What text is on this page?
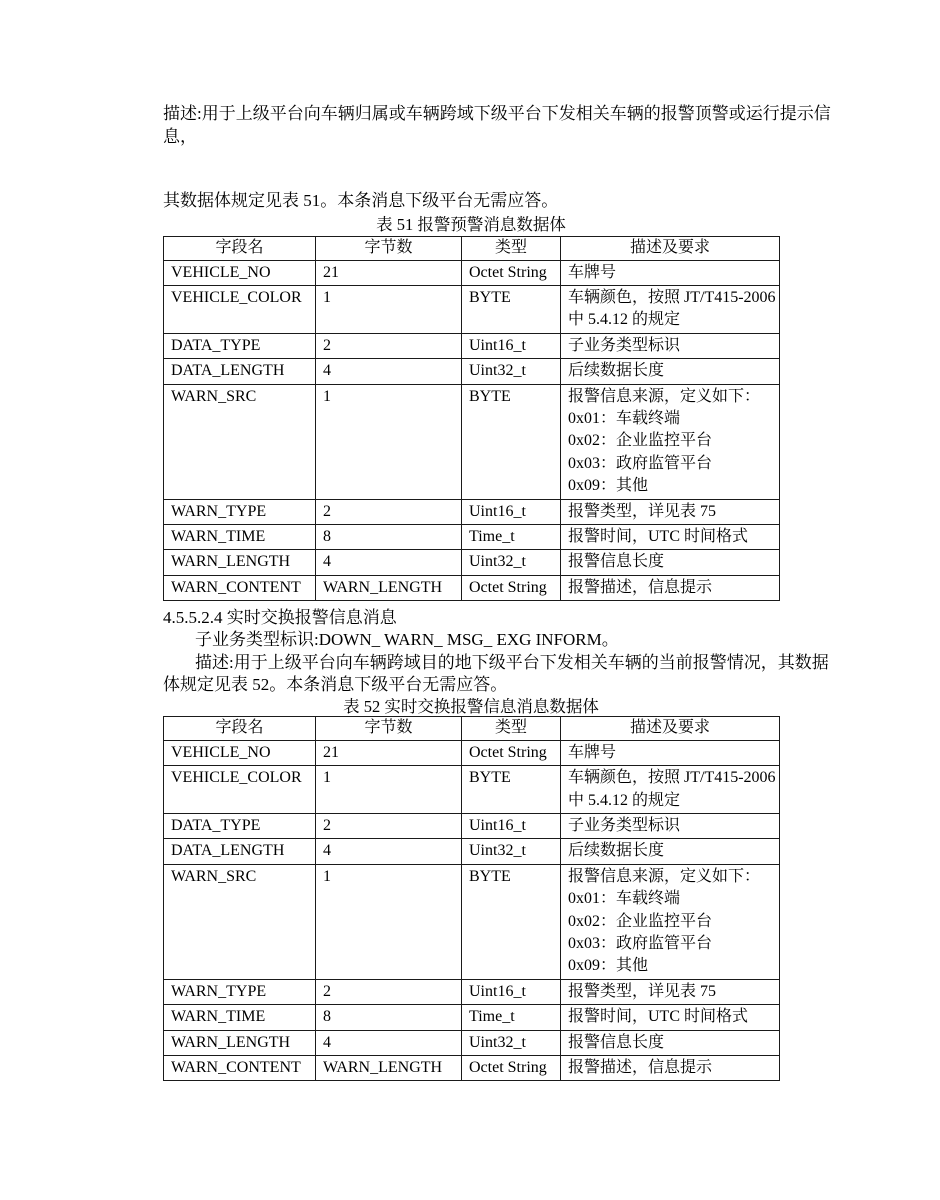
描述:用于上级平台向车辆归属或车辆跨域下级平台下发相关车辆的报警顶警或运行提示信
息，

其数据体规定见表 51。本条消息下级平台无需应答。

表 51 报警预警消息数据体
字段名	字节数	类型	描述及要求
VEHICLE_NO	21	Octet String	车牌号

VEHICLE_COLOR	1	BYTE	车辆颜色，按照 JT/T415-2006
中 5.4.12 的规定

DATA_TYPE	2	Uint16_t	子业务类型标识

DATA_LENGTH	4	Uint32_t	后续数据长度

WARN_SRC	1	BYTE	报警信息来源，定义如下：
0x01：车载终端
0x02：企业监控平台
0x03：政府监管平台
0x09：其他

WARN_TYPE	2	Uint16_t	报警类型，详见表 75

WARN_TIME	8	Time_t	报警时间，UTC 时间格式

WARN_LENGTH	4	Uint32_t	报警信息长度

WARN_CONTENT	WARN_LENGTH	Octet String	报警描述，信息提示
4.5.5.2.4 实时交换报警信息消息
子业务类型标识:DOWN_ WARN_ MSG_ EXG INFORM。
描述:用于上级平台向车辆跨域目的地下级平台下发相关车辆的当前报警情况，其数据
体规定见表 52。本条消息下级平台无需应答。
表 52 实时交换报警信息消息数据体
字段名	字节数	类型	描述及要求
VEHICLE_NO	21	Octet String	车牌号

VEHICLE_COLOR	1	BYTE	车辆颜色，按照 JT/T415-2006
中 5.4.12 的规定

DATA_TYPE	2	Uint16_t	子业务类型标识

DATA_LENGTH	4	Uint32_t	后续数据长度

WARN_SRC	1	BYTE	报警信息来源，定义如下：
0x01：车载终端
0x02：企业监控平台
0x03：政府监管平台
0x09：其他

WARN_TYPE	2	Uint16_t	报警类型，详见表 75

WARN_TIME	8	Time_t	报警时间，UTC 时间格式

WARN_LENGTH	4	Uint32_t	报警信息长度

WARN_CONTENT	WARN_LENGTH	Octet String	报警描述，信息提示
